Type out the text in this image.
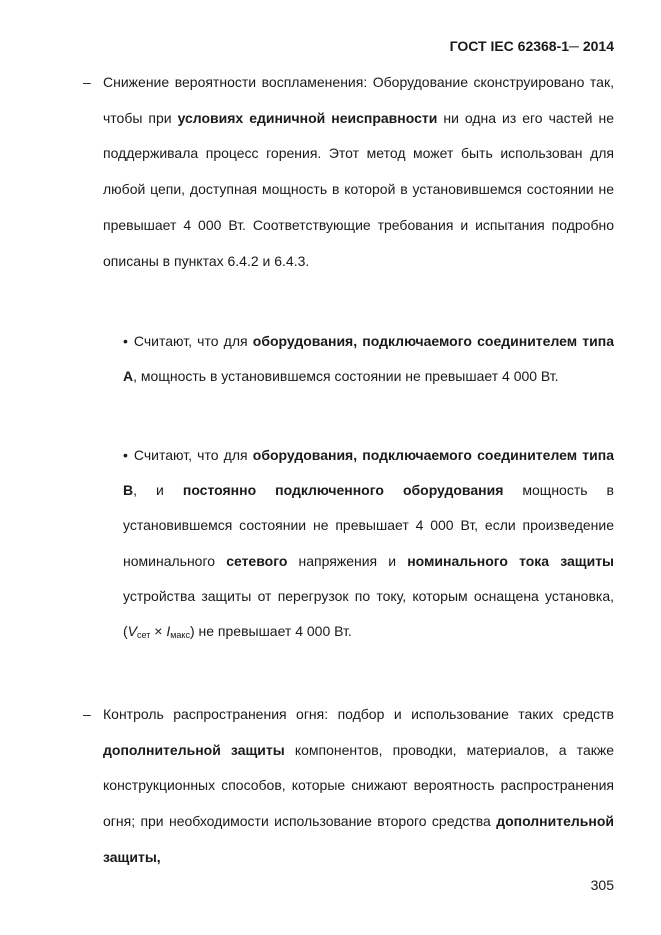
ГОСТ IEC 62368-1─ 2014
– Снижение вероятности воспламенения: Оборудование сконструировано так, чтобы при условиях единичной неисправности ни одна из его частей не поддерживала процесс горения. Этот метод может быть использован для любой цепи, доступная мощность в которой в установившемся состоянии не превышает 4 000 Вт. Соответствующие требования и испытания подробно описаны в пунктах 6.4.2 и 6.4.3.
• Считают, что для оборудования, подключаемого соединителем типа А, мощность в установившемся состоянии не превышает 4 000 Вт.
• Считают, что для оборудования, подключаемого соединителем типа В, и постоянно подключенного оборудования мощность в установившемся состоянии не превышает 4 000 Вт, если произведение номинального сетевого напряжения и номинального тока защиты устройства защиты от перегрузок по току, которым оснащена установка, $(V_{сет} \times I_{макс})$ не превышает 4 000 Вт.
– Контроль распространения огня: подбор и использование таких средств дополнительной защиты компонентов, проводки, материалов, а также конструкционных способов, которые снижают вероятность распространения огня; при необходимости использование второго средства дополнительной защиты,
305
